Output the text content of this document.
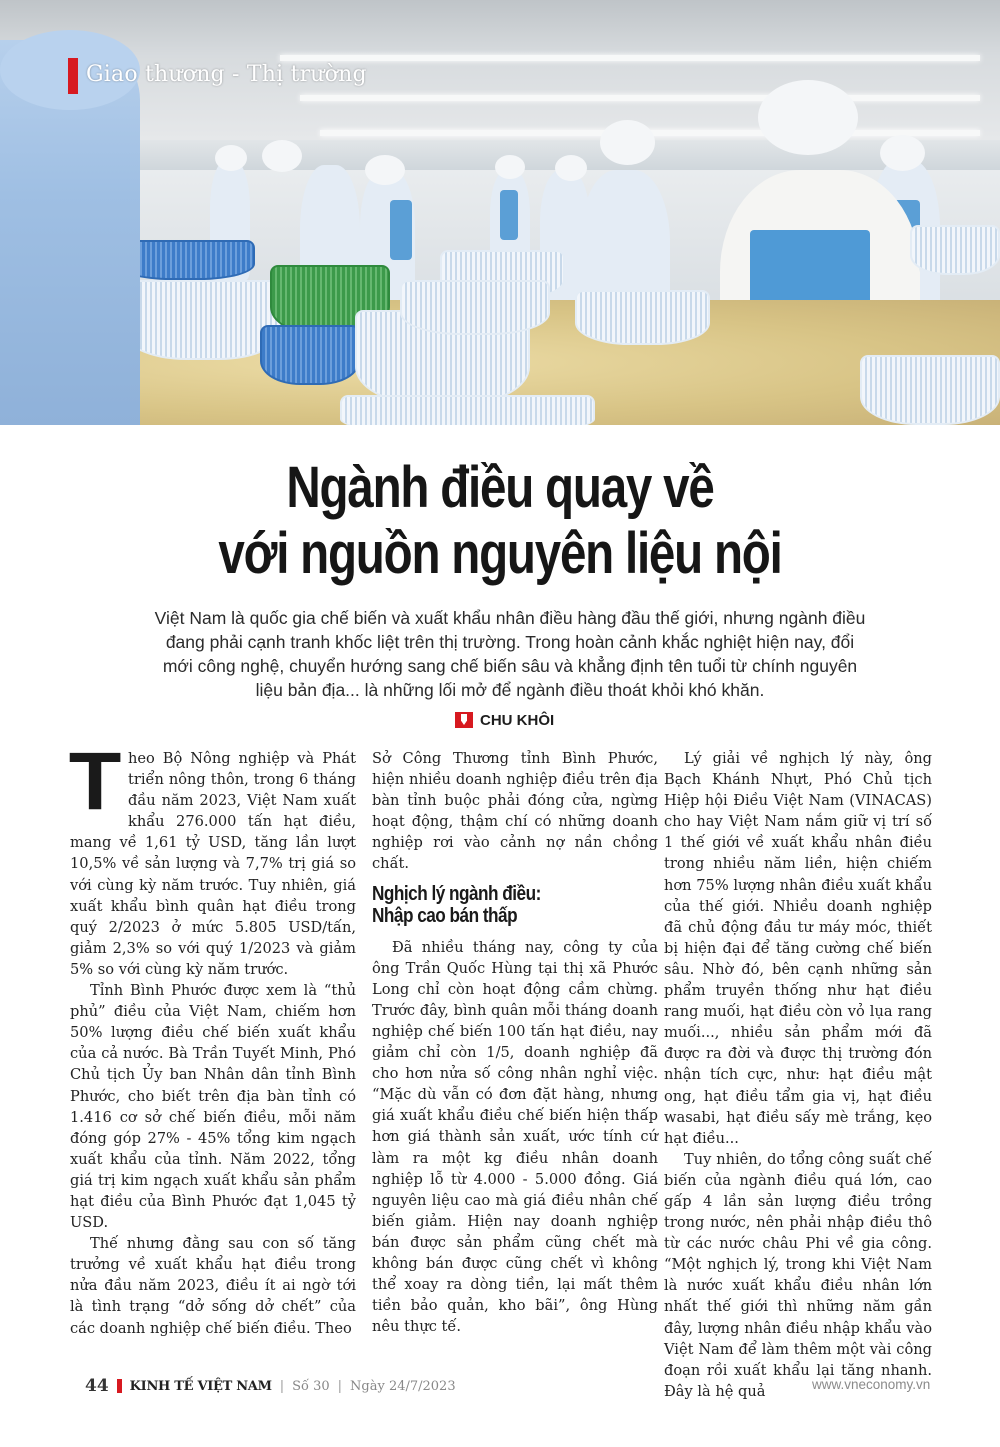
Giao thương - Thị trường
Ngành điều quay về
với nguồn nguyên liệu nội

Việt Nam là quốc gia chế biến và xuất khẩu nhân điều hàng đầu thế giới, nhưng ngành điều đang phải cạnh tranh khốc liệt trên thị trường. Trong hoàn cảnh khắc nghiệt hiện nay, đổi mới công nghệ, chuyển hướng sang chế biến sâu và khẳng định tên tuổi từ chính nguyên liệu bản địa... là những lối mở để ngành điều thoát khỏi khó khăn.

CHU KHÔI
T heo Bộ Nông nghiệp và Phát triển nông thôn, trong 6 tháng đầu năm 2023, Việt Nam xuất khẩu 276.000 tấn hạt điều, mang về 1,61 tỷ USD, tăng lần lượt 10,5% về sản lượng và 7,7% trị giá so với cùng kỳ năm trước. Tuy nhiên, giá xuất khẩu bình quân hạt điều trong quý 2/2023 ở mức 5.805 USD/tấn, giảm 2,3% so với quý 1/2023 và giảm 5% so với cùng kỳ năm trước.

Tỉnh Bình Phước được xem là “thủ phủ” điều của Việt Nam, chiếm hơn 50% lượng điều chế biến xuất khẩu của cả nước. Bà Trần Tuyết Minh, Phó Chủ tịch Ủy ban Nhân dân tỉnh Bình Phước, cho biết trên địa bàn tỉnh có 1.416 cơ sở chế biến điều, mỗi năm đóng góp 27% - 45% tổng kim ngạch xuất khẩu của tỉnh. Năm 2022, tổng giá trị kim ngạch xuất khẩu sản phẩm hạt điều của Bình Phước đạt 1,045 tỷ USD.

Thế nhưng đằng sau con số tăng trưởng về xuất khẩu hạt điều trong nửa đầu năm 2023, điều ít ai ngờ tới là tình trạng “dở sống dở chết” của các doanh nghiệp chế biến điều. Theo

Sở Công Thương tỉnh Bình Phước, hiện nhiều doanh nghiệp điều trên địa bàn tỉnh buộc phải đóng cửa, ngừng hoạt động, thậm chí có những doanh nghiệp rơi vào cảnh nợ nần chồng chất.

Nghịch lý ngành điều:
Nhập cao bán thấp

Đã nhiều tháng nay, công ty của ông Trần Quốc Hùng tại thị xã Phước Long chỉ còn hoạt động cầm chừng. Trước đây, bình quân mỗi tháng doanh nghiệp chế biến 100 tấn hạt điều, nay giảm chỉ còn 1/5, doanh nghiệp đã cho hơn nửa số công nhân nghỉ việc. “Mặc dù vẫn có đơn đặt hàng, nhưng giá xuất khẩu điều chế biến hiện thấp hơn giá thành sản xuất, ước tính cứ làm ra một kg điều nhân doanh nghiệp lỗ từ 4.000 - 5.000 đồng. Giá nguyên liệu cao mà giá điều nhân chế biến giảm. Hiện nay doanh nghiệp bán được sản phẩm cũng chết mà không bán được cũng chết vì không thể xoay ra dòng tiền, lại mất thêm tiền bảo quản, kho bãi”, ông Hùng nêu thực tế.

Lý giải về nghịch lý này, ông Bạch Khánh Nhựt, Phó Chủ tịch Hiệp hội Điều Việt Nam (VINACAS) cho hay Việt Nam nắm giữ vị trí số 1 thế giới về xuất khẩu nhân điều trong nhiều năm liền, hiện chiếm hơn 75% lượng nhân điều xuất khẩu của thế giới. Nhiều doanh nghiệp đã chủ động đầu tư máy móc, thiết bị hiện đại để tăng cường chế biến sâu. Nhờ đó, bên cạnh những sản phẩm truyền thống như hạt điều rang muối, hạt điều còn vỏ lụa rang muối..., nhiều sản phẩm mới đã được ra đời và được thị trường đón nhận tích cực, như: hạt điều mật ong, hạt điều tẩm gia vị, hạt điều wasabi, hạt điều sấy mè trắng, kẹo hạt điều...

Tuy nhiên, do tổng công suất chế biến của ngành điều quá lớn, cao gấp 4 lần sản lượng điều trồng trong nước, nên phải nhập điều thô từ các nước châu Phi về gia công. “Một nghịch lý, trong khi Việt Nam là nước xuất khẩu điều nhân lớn nhất thế giới thì những năm gần đây, lượng nhân điều nhập khẩu vào Việt Nam để làm thêm một vài công đoạn rồi xuất khẩu lại tăng nhanh. Đây là hệ quả

44 KINH TẾ VIỆT NAM | Số 30 | Ngày 24/7/2023	www.vneconomy.vn
